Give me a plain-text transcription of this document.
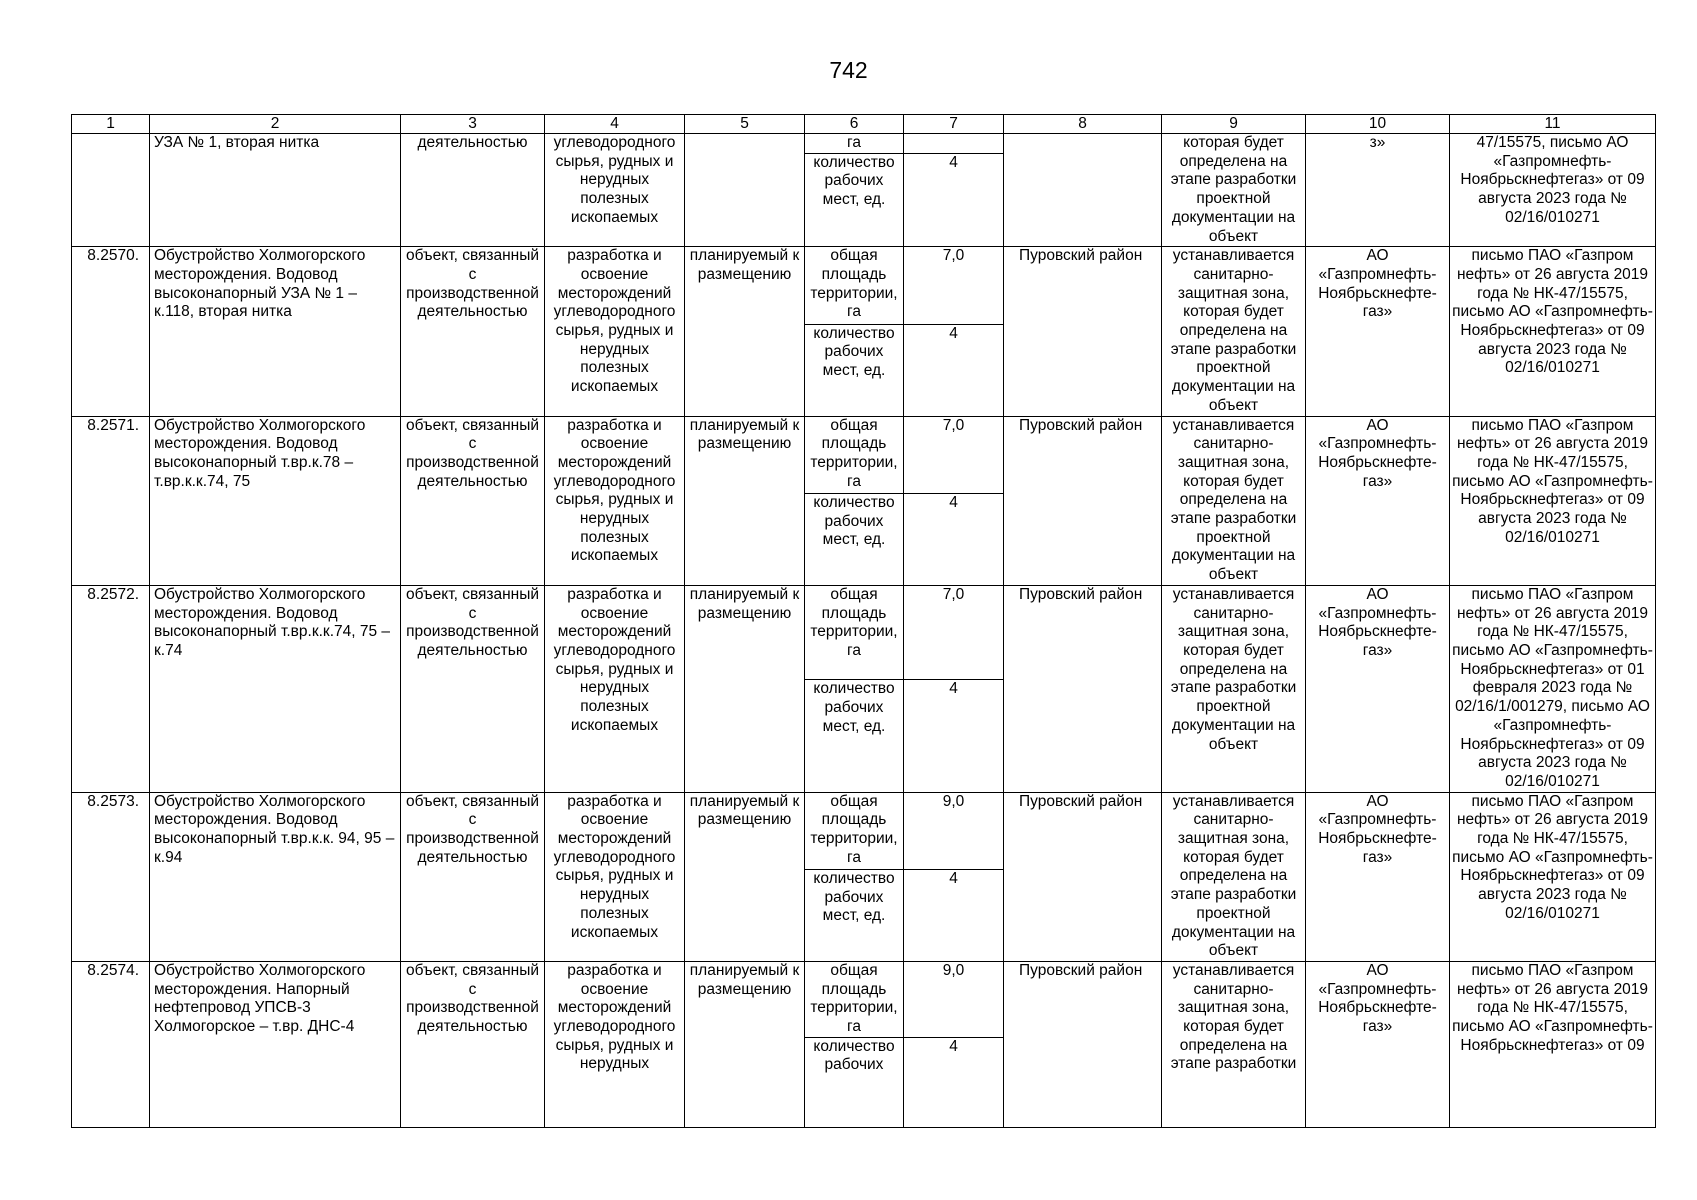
742
1	2	3	4	5	6	7	8	9	10	11
	УЗА № 1, вторая нитка	деятельностью	углеводородного сырья, рудных и нерудных полезных ископаемых		га			которая будет определена на этапе разработки проектной документации на объект	з»	47/15575, письмо АО «Газпромнефть-Ноябрьскнефтегаз» от 09 августа 2023 года № 02/16/010271
					количество рабочих мест, ед.	4				
8.2570.	Обустройство Холмогорского месторождения. Водовод высоконапорный УЗА № 1 – к.118, вторая нитка	объект, связанный с производственной деятельностью	разработка и освоение месторождений углеводородного сырья, рудных и нерудных полезных ископаемых	планируемый к размещению	общая площадь территории, га	7,0	Пуровский район	устанавливается санитарно-защитная зона, которая будет определена на этапе разработки проектной документации на объект	АО «Газпромнефть-Ноябрьскнефте-газ»	письмо ПАО «Газпром нефть» от 26 августа 2019 года № НК-47/15575, письмо АО «Газпромнефть-Ноябрьскнефтегаз» от 09 августа 2023 года № 02/16/010271
					количество рабочих мест, ед.	4				
8.2571.	Обустройство Холмогорского месторождения. Водовод высоконапорный т.вр.к.78 – т.вр.к.к.74, 75	объект, связанный с производственной деятельностью	разработка и освоение месторождений углеводородного сырья, рудных и нерудных полезных ископаемых	планируемый к размещению	общая площадь территории, га	7,0	Пуровский район	устанавливается санитарно-защитная зона, которая будет определена на этапе разработки проектной документации на объект	АО «Газпромнефть-Ноябрьскнефте-газ»	письмо ПАО «Газпром нефть» от 26 августа 2019 года № НК-47/15575, письмо АО «Газпромнефть-Ноябрьскнефтегаз» от 09 августа 2023 года № 02/16/010271
					количество рабочих мест, ед.	4				
8.2572.	Обустройство Холмогорского месторождения. Водовод высоконапорный т.вр.к.к.74, 75 – к.74	объект, связанный с производственной деятельностью	разработка и освоение месторождений углеводородного сырья, рудных и нерудных полезных ископаемых	планируемый к размещению	общая площадь территории, га	7,0	Пуровский район	устанавливается санитарно-защитная зона, которая будет определена на этапе разработки проектной документации на объект	АО «Газпромнефть-Ноябрьскнефте-газ»	письмо ПАО «Газпром нефть» от 26 августа 2019 года № НК-47/15575, письмо АО «Газпромнефть-Ноябрьскнефтегаз» от 01 февраля 2023 года № 02/16/1/001279, письмо АО «Газпромнефть-Ноябрьскнефтегаз» от 09 августа 2023 года № 02/16/010271
					количество рабочих мест, ед.	4				
8.2573.	Обустройство Холмогорского месторождения. Водовод высоконапорный т.вр.к.к. 94, 95 – к.94	объект, связанный с производственной деятельностью	разработка и освоение месторождений углеводородного сырья, рудных и нерудных полезных ископаемых	планируемый к размещению	общая площадь территории, га	9,0	Пуровский район	устанавливается санитарно-защитная зона, которая будет определена на этапе разработки проектной документации на объект	АО «Газпромнефть-Ноябрьскнефте-газ»	письмо ПАО «Газпром нефть» от 26 августа 2019 года № НК-47/15575, письмо АО «Газпромнефть-Ноябрьскнефтегаз» от 09 августа 2023 года № 02/16/010271
					количество рабочих мест, ед.	4				
8.2574.	Обустройство Холмогорского месторождения. Напорный нефтепровод УПСВ-3 Холмогорское – т.вр. ДНС-4	объект, связанный с производственной деятельностью	разработка и освоение месторождений углеводородного сырья, рудных и нерудных	планируемый к размещению	общая площадь территории, га	9,0	Пуровский район	устанавливается санитарно-защитная зона, которая будет определена на этапе разработки	АО «Газпромнефть-Ноябрьскнефте-газ»	письмо ПАО «Газпром нефть» от 26 августа 2019 года № НК-47/15575, письмо АО «Газпромнефть-Ноябрьскнефтегаз» от 09
					количество рабочих	4				
